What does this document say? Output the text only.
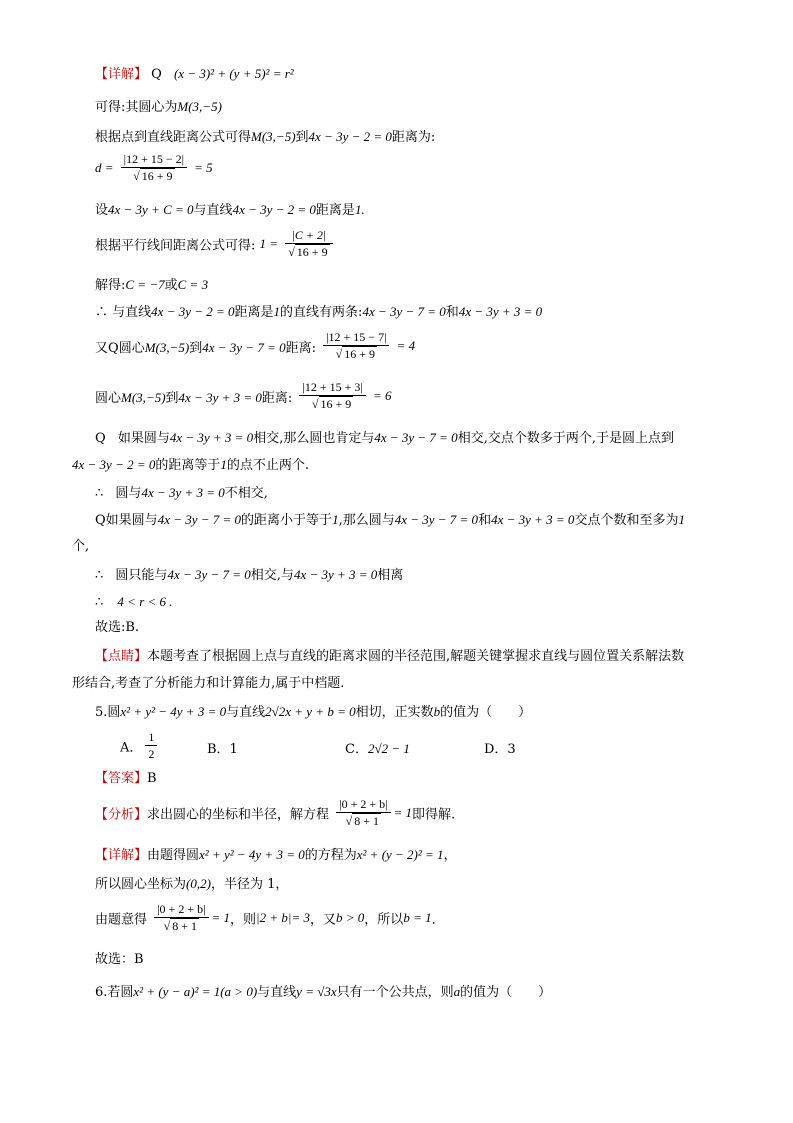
【详解】 Q (x − 3)² + (y + 5)² = r²
可得:其圆心为M(3,−5)
根据点到直线距离公式可得M(3,−5)到4x − 3y − 2 = 0距离为:
$d = \frac{|12 + 15 - 2|}{√ 16 + 9} = 5$
设4x − 3y + C = 0与直线4x − 3y − 2 = 0距离是1.
根据平行线间距离公式可得: $1 = \frac{|C + 2|}{√ 16 + 9}$
解得:C = −7或C = 3
∴ 与直线4x − 3y − 2 = 0距离是1的直线有两条:4x − 3y − 7 = 0和4x − 3y + 3 = 0
又Q圆心M(3,−5)到4x − 3y − 7 = 0距离: $\frac{|12 + 15 - 7|}{√ 16 + 9} = 4$
圆心M(3,−5)到4x − 3y + 3 = 0距离: $\frac{|12 + 15 + 3|}{√ 16 + 9} = 6$
Q 如果圆与4x − 3y + 3 = 0相交,那么圆也肯定与4x − 3y − 7 = 0相交,交点个数多于两个,于是圆上点到
4x − 3y − 2 = 0的距离等于1的点不止两个.
∴ 圆与4x − 3y + 3 = 0不相交,
Q如果圆与4x − 3y − 7 = 0的距离小于等于1,那么圆与4x − 3y − 7 = 0和4x − 3y + 3 = 0交点个数和至多为1
个,
∴ 圆只能与4x − 3y − 7 = 0相交,与4x − 3y + 3 = 0相离
∴ 4 < r < 6 .
故选:B.
【点睛】本题考查了根据圆上点与直线的距离求圆的半径范围,解题关键掌握求直线与圆位置关系解法数
形结合,考查了分析能力和计算能力,属于中档题.
5.圆x² + y² − 4y + 3 = 0与直线2√2x + y + b = 0相切，正实数b的值为（　　）
A． $\frac{1}{2}$	B．1	C．2√2 − 1	D．3
【答案】B
【分析】求出圆心的坐标和半径，解方程 $\frac{|0 + 2 + b|}{√ 8 + 1} = 1$即得解.
【详解】由题得圆x² + y² − 4y + 3 = 0的方程为x² + (y − 2)² = 1，
所以圆心坐标为(0,2)，半径为 1，
由题意得 $\frac{|0 + 2 + b|}{√ 8 + 1} = 1$，则|2 + b|= 3，又b > 0，所以b = 1．
故选：B
6.若圆x² + (y − a)² = 1(a > 0)与直线y = √3x只有一个公共点，则a的值为（　　）
